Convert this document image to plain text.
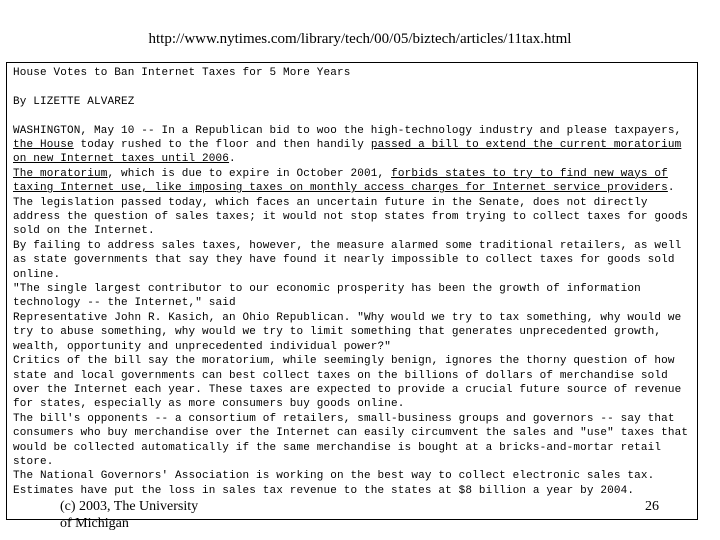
http://www.nytimes.com/library/tech/00/05/biztech/articles/11tax.html

House Votes to Ban Internet Taxes for 5 More Years

By LIZETTE ALVAREZ

WASHINGTON, May 10 -- In a Republican bid to woo the high-technology industry and please taxpayers, the House today rushed to the floor and then handily passed a bill to extend the current moratorium on new Internet taxes until 2006.

The moratorium, which is due to expire in October 2001, forbids states to try to find new ways of taxing Internet use, like imposing taxes on monthly access charges for Internet service providers.

The legislation passed today, which faces an uncertain future in the Senate, does not directly address the question of sales taxes; it would not stop states from trying to collect taxes for goods sold on the Internet.

By failing to address sales taxes, however, the measure alarmed some traditional retailers, as well as state governments that say they have found it nearly impossible to collect taxes for goods sold online.

"The single largest contributor to our economic prosperity has been the growth of information technology -- the Internet," said

Representative John R. Kasich, an Ohio Republican. "Why would we try to tax something, why would we try to abuse something, why would we try to limit something that generates unprecedented growth, wealth, opportunity and unprecedented individual power?"

Critics of the bill say the moratorium, while seemingly benign, ignores the thorny question of how state and local governments can best collect taxes on the billions of dollars of merchandise sold over the Internet each year. These taxes are expected to provide a crucial future source of revenue for states, especially as more consumers buy goods online.

The bill's opponents -- a consortium of retailers, small-business groups and governors -- say that consumers who buy merchandise over the Internet can easily circumvent the sales and "use" taxes that would be collected automatically if the same merchandise is bought at a bricks-and-mortar retail store.

The National Governors' Association is working on the best way to collect electronic sales tax. Estimates have put the loss in sales tax revenue to the states at $8 billion a year by 2004.

(c) 2003, The University
of Michigan
26
